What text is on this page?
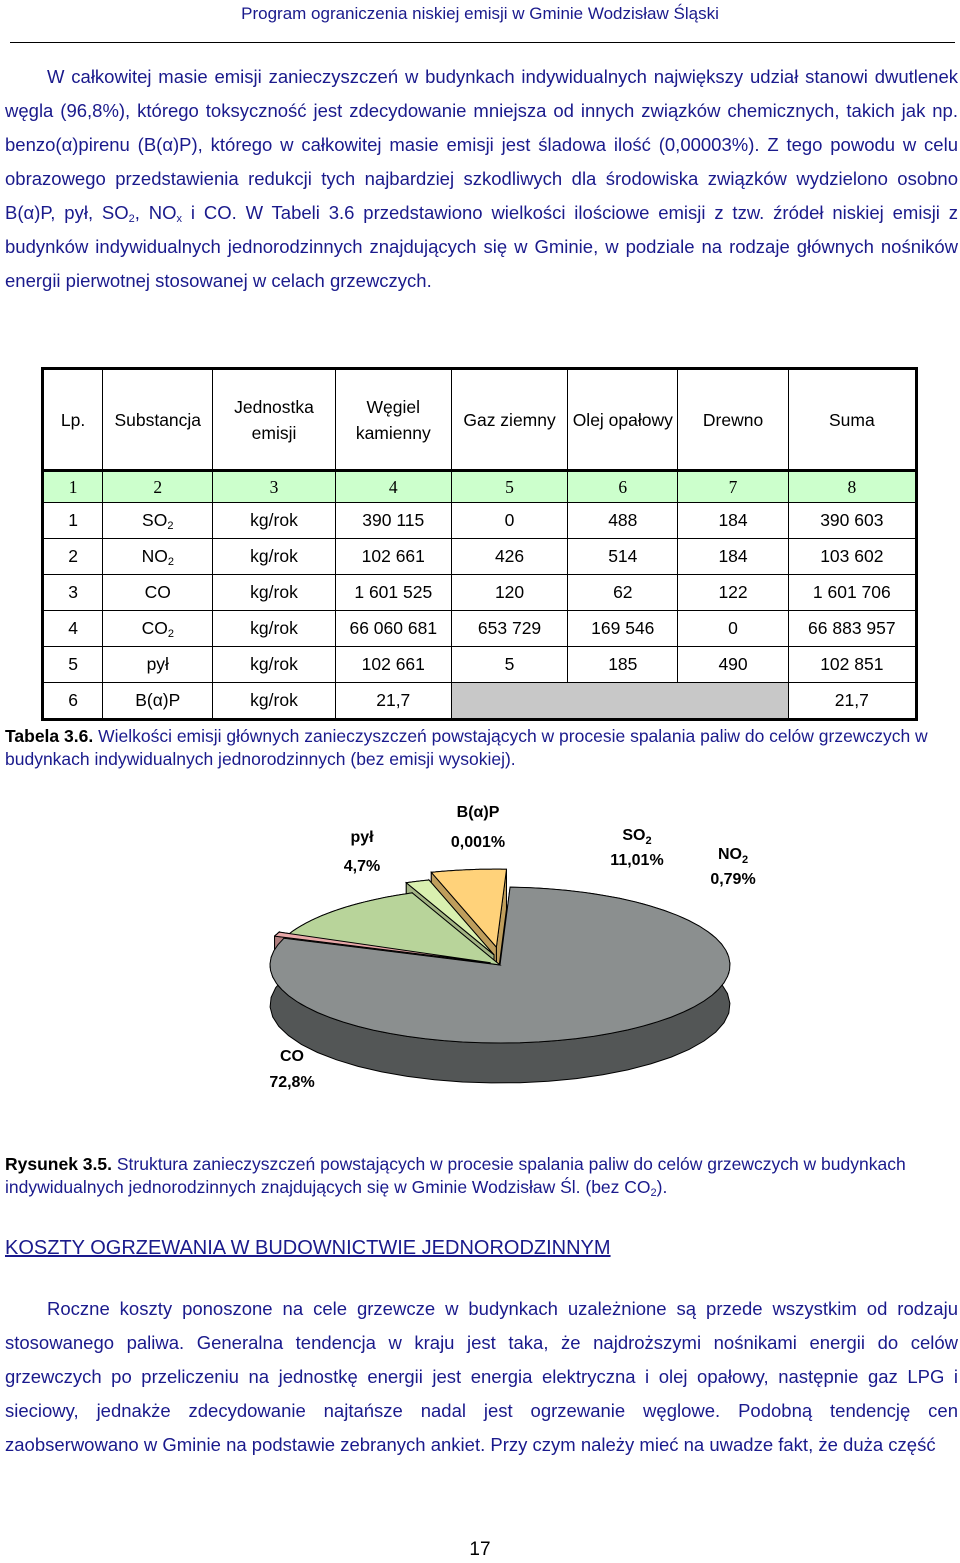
Program ograniczenia niskiej emisji w Gminie Wodzisław Śląski

W całkowitej masie emisji zanieczyszczeń w budynkach indywidualnych największy udział stanowi dwutlenek węgla (96,8%), którego toksyczność jest zdecydowanie mniejsza od innych związków chemicznych, takich jak np. benzo(α)pirenu (B(α)P), którego w całkowitej masie emisji jest śladowa ilość (0,00003%). Z tego powodu w celu obrazowego przedstawienia redukcji tych najbardziej szkodliwych dla środowiska związków wydzielono osobno B(α)P, pył, $SO_2$, $NO_x$ i CO. W Tabeli 3.6 przedstawiono wielkości ilościowe emisji z tzw. źródeł niskiej emisji z budynków indywidualnych jednorodzinnych znajdujących się w Gminie, w podziale na rodzaje głównych nośników energii pierwotnej stosowanej w celach grzewczych.

Lp.	Substancja	Jednostka emisji	Węgiel kamienny	Gaz ziemny	Olej opałowy	Drewno	Suma
1	2	3	4	5	6	7	8
1	$SO_2$	kg/rok	390 115	0	488	184	390 603
2	$NO_2$	kg/rok	102 661	426	514	184	103 602
3	CO	kg/rok	1 601 525	120	62	122	1 601 706
4	$CO_2$	kg/rok	66 060 681	653 729	169 546	0	66 883 957
5	pył	kg/rok	102 661	5	185	490	102 851
6	B(α)P	kg/rok	21,7				21,7

Tabela 3.6. Wielkości emisji głównych zanieczyszczeń powstających w procesie spalania paliw do celów grzewczych w budynkach indywidualnych jednorodzinnych (bez emisji wysokiej).

pył
4,7%
B(α)P
0,001%	$SO_2$
11,01%	$NO_2$
0,79%
CO
72,8%

Rysunek 3.5. Struktura zanieczyszczeń powstających w procesie spalania paliw do celów grzewczych w budynkach indywidualnych jednorodzinnych znajdujących się w Gminie Wodzisław Śl. (bez $CO_2$).

KOSZTY OGRZEWANIA W BUDOWNICTWIE JEDNORODZINNYM

Roczne koszty ponoszone na cele grzewcze w budynkach uzależnione są przede wszystkim od rodzaju stosowanego paliwa. Generalna tendencja w kraju jest taka, że najdroższymi nośnikami energii do celów grzewczych po przeliczeniu na jednostkę energii jest energia elektryczna i olej opałowy, następnie gaz LPG i sieciowy, jednakże zdecydowanie najtańsze nadal jest ogrzewanie węglowe. Podobną tendencję cen zaobserwowano w Gminie na podstawie zebranych ankiet. Przy czym należy mieć na uwadze fakt, że duża część

17
